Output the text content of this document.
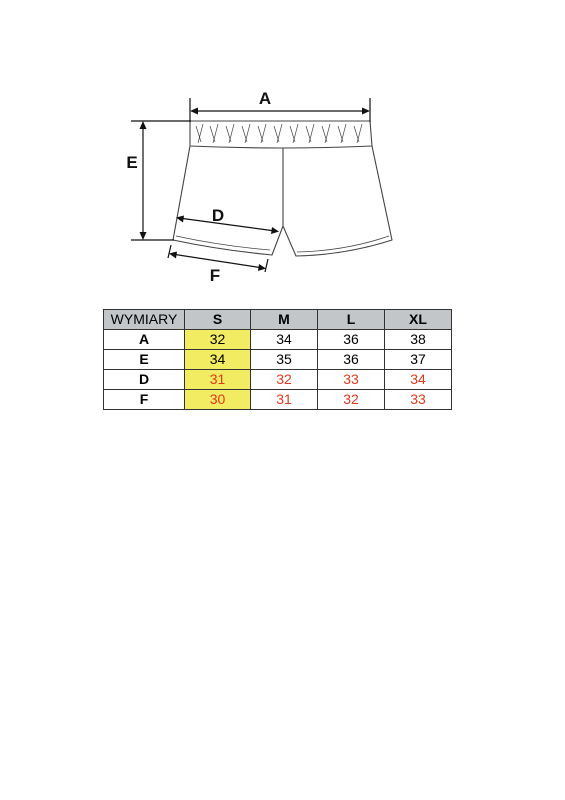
A
E
D
F
WYMIARY	S	M	L	XL
A	32	34	36	38
E	34	35	36	37
D	31	32	33	34
F	30	31	32	33
